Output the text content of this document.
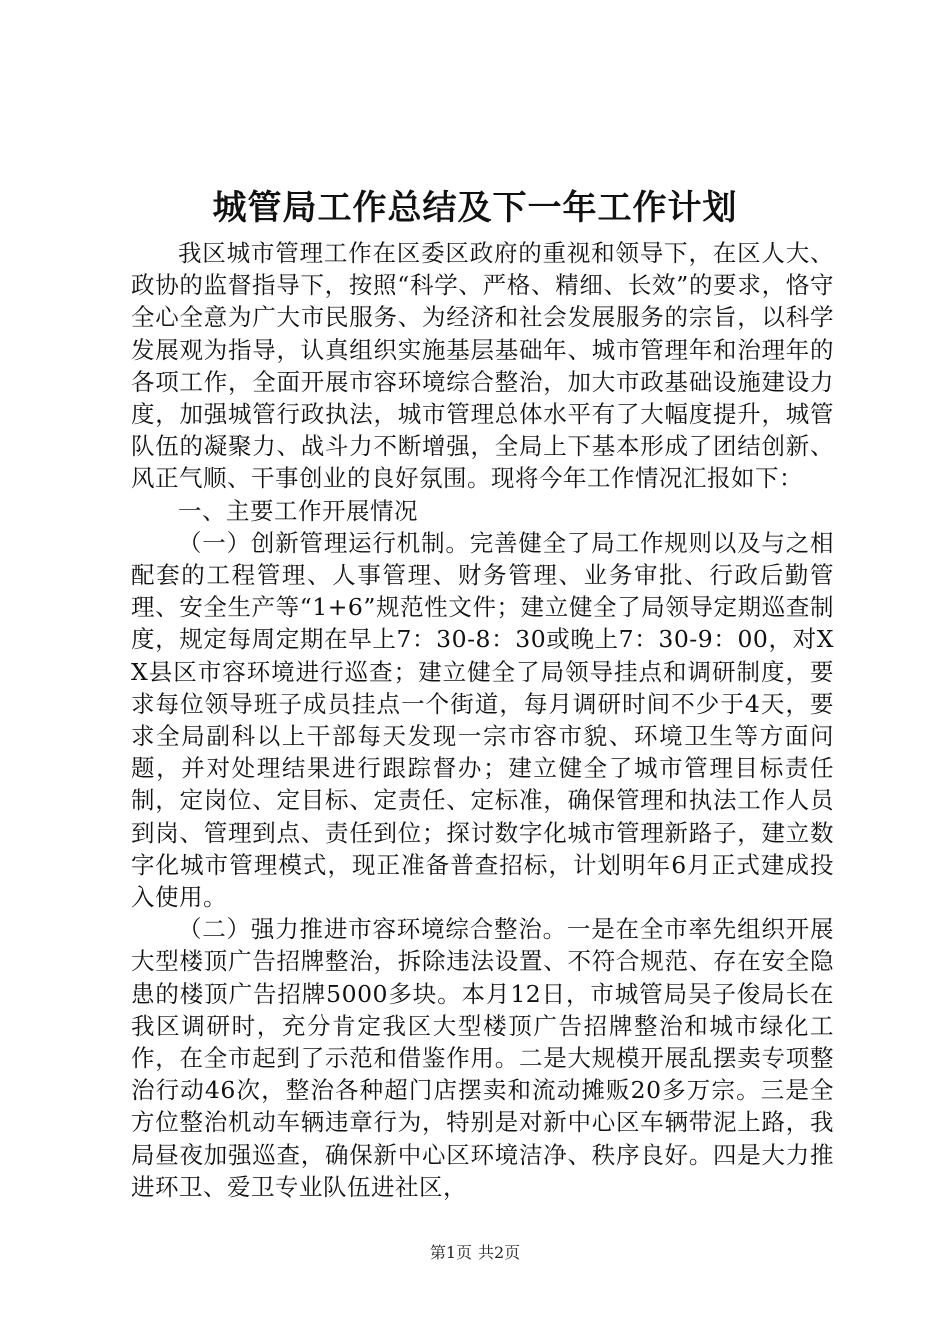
城管局工作总结及下一年工作计划

我区城市管理工作在区委区政府的重视和领导下，在区人大、政协的监督指导下，按照“科学、严格、精细、长效”的要求，恪守全心全意为广大市民服务、为经济和社会发展服务的宗旨，以科学发展观为指导，认真组织实施基层基础年、城市管理年和治理年的各项工作，全面开展市容环境综合整治，加大市政基础设施建设力度，加强城管行政执法，城市管理总体水平有了大幅度提升，城管队伍的凝聚力、战斗力不断增强，全局上下基本形成了团结创新、风正气顺、干事创业的良好氛围。现将今年工作情况汇报如下：

一、主要工作开展情况

（一）创新管理运行机制。完善健全了局工作规则以及与之相配套的工程管理、人事管理、财务管理、业务审批、行政后勤管理、安全生产等“1+6”规范性文件；建立健全了局领导定期巡查制度，规定每周定期在早上7：30-8：30或晚上7：30-9：00，对XX县区市容环境进行巡查；建立健全了局领导挂点和调研制度，要求每位领导班子成员挂点一个街道，每月调研时间不少于4天，要求全局副科以上干部每天发现一宗市容市貌、环境卫生等方面问题，并对处理结果进行跟踪督办；建立健全了城市管理目标责任制，定岗位、定目标、定责任、定标准，确保管理和执法工作人员到岗、管理到点、责任到位；探讨数字化城市管理新路子，建立数字化城市管理模式，现正准备普查招标，计划明年6月正式建成投入使用。

（二）强力推进市容环境综合整治。一是在全市率先组织开展大型楼顶广告招牌整治，拆除违法设置、不符合规范、存在安全隐患的楼顶广告招牌5000多块。本月12日，市城管局吴子俊局长在我区调研时，充分肯定我区大型楼顶广告招牌整治和城市绿化工作，在全市起到了示范和借鉴作用。二是大规模开展乱摆卖专项整治行动46次，整治各种超门店摆卖和流动摊贩20多万宗。三是全方位整治机动车辆违章行为，特别是对新中心区车辆带泥上路，我局昼夜加强巡查，确保新中心区环境洁净、秩序良好。四是大力推进环卫、爱卫专业队伍进社区，

第1页 共2页
